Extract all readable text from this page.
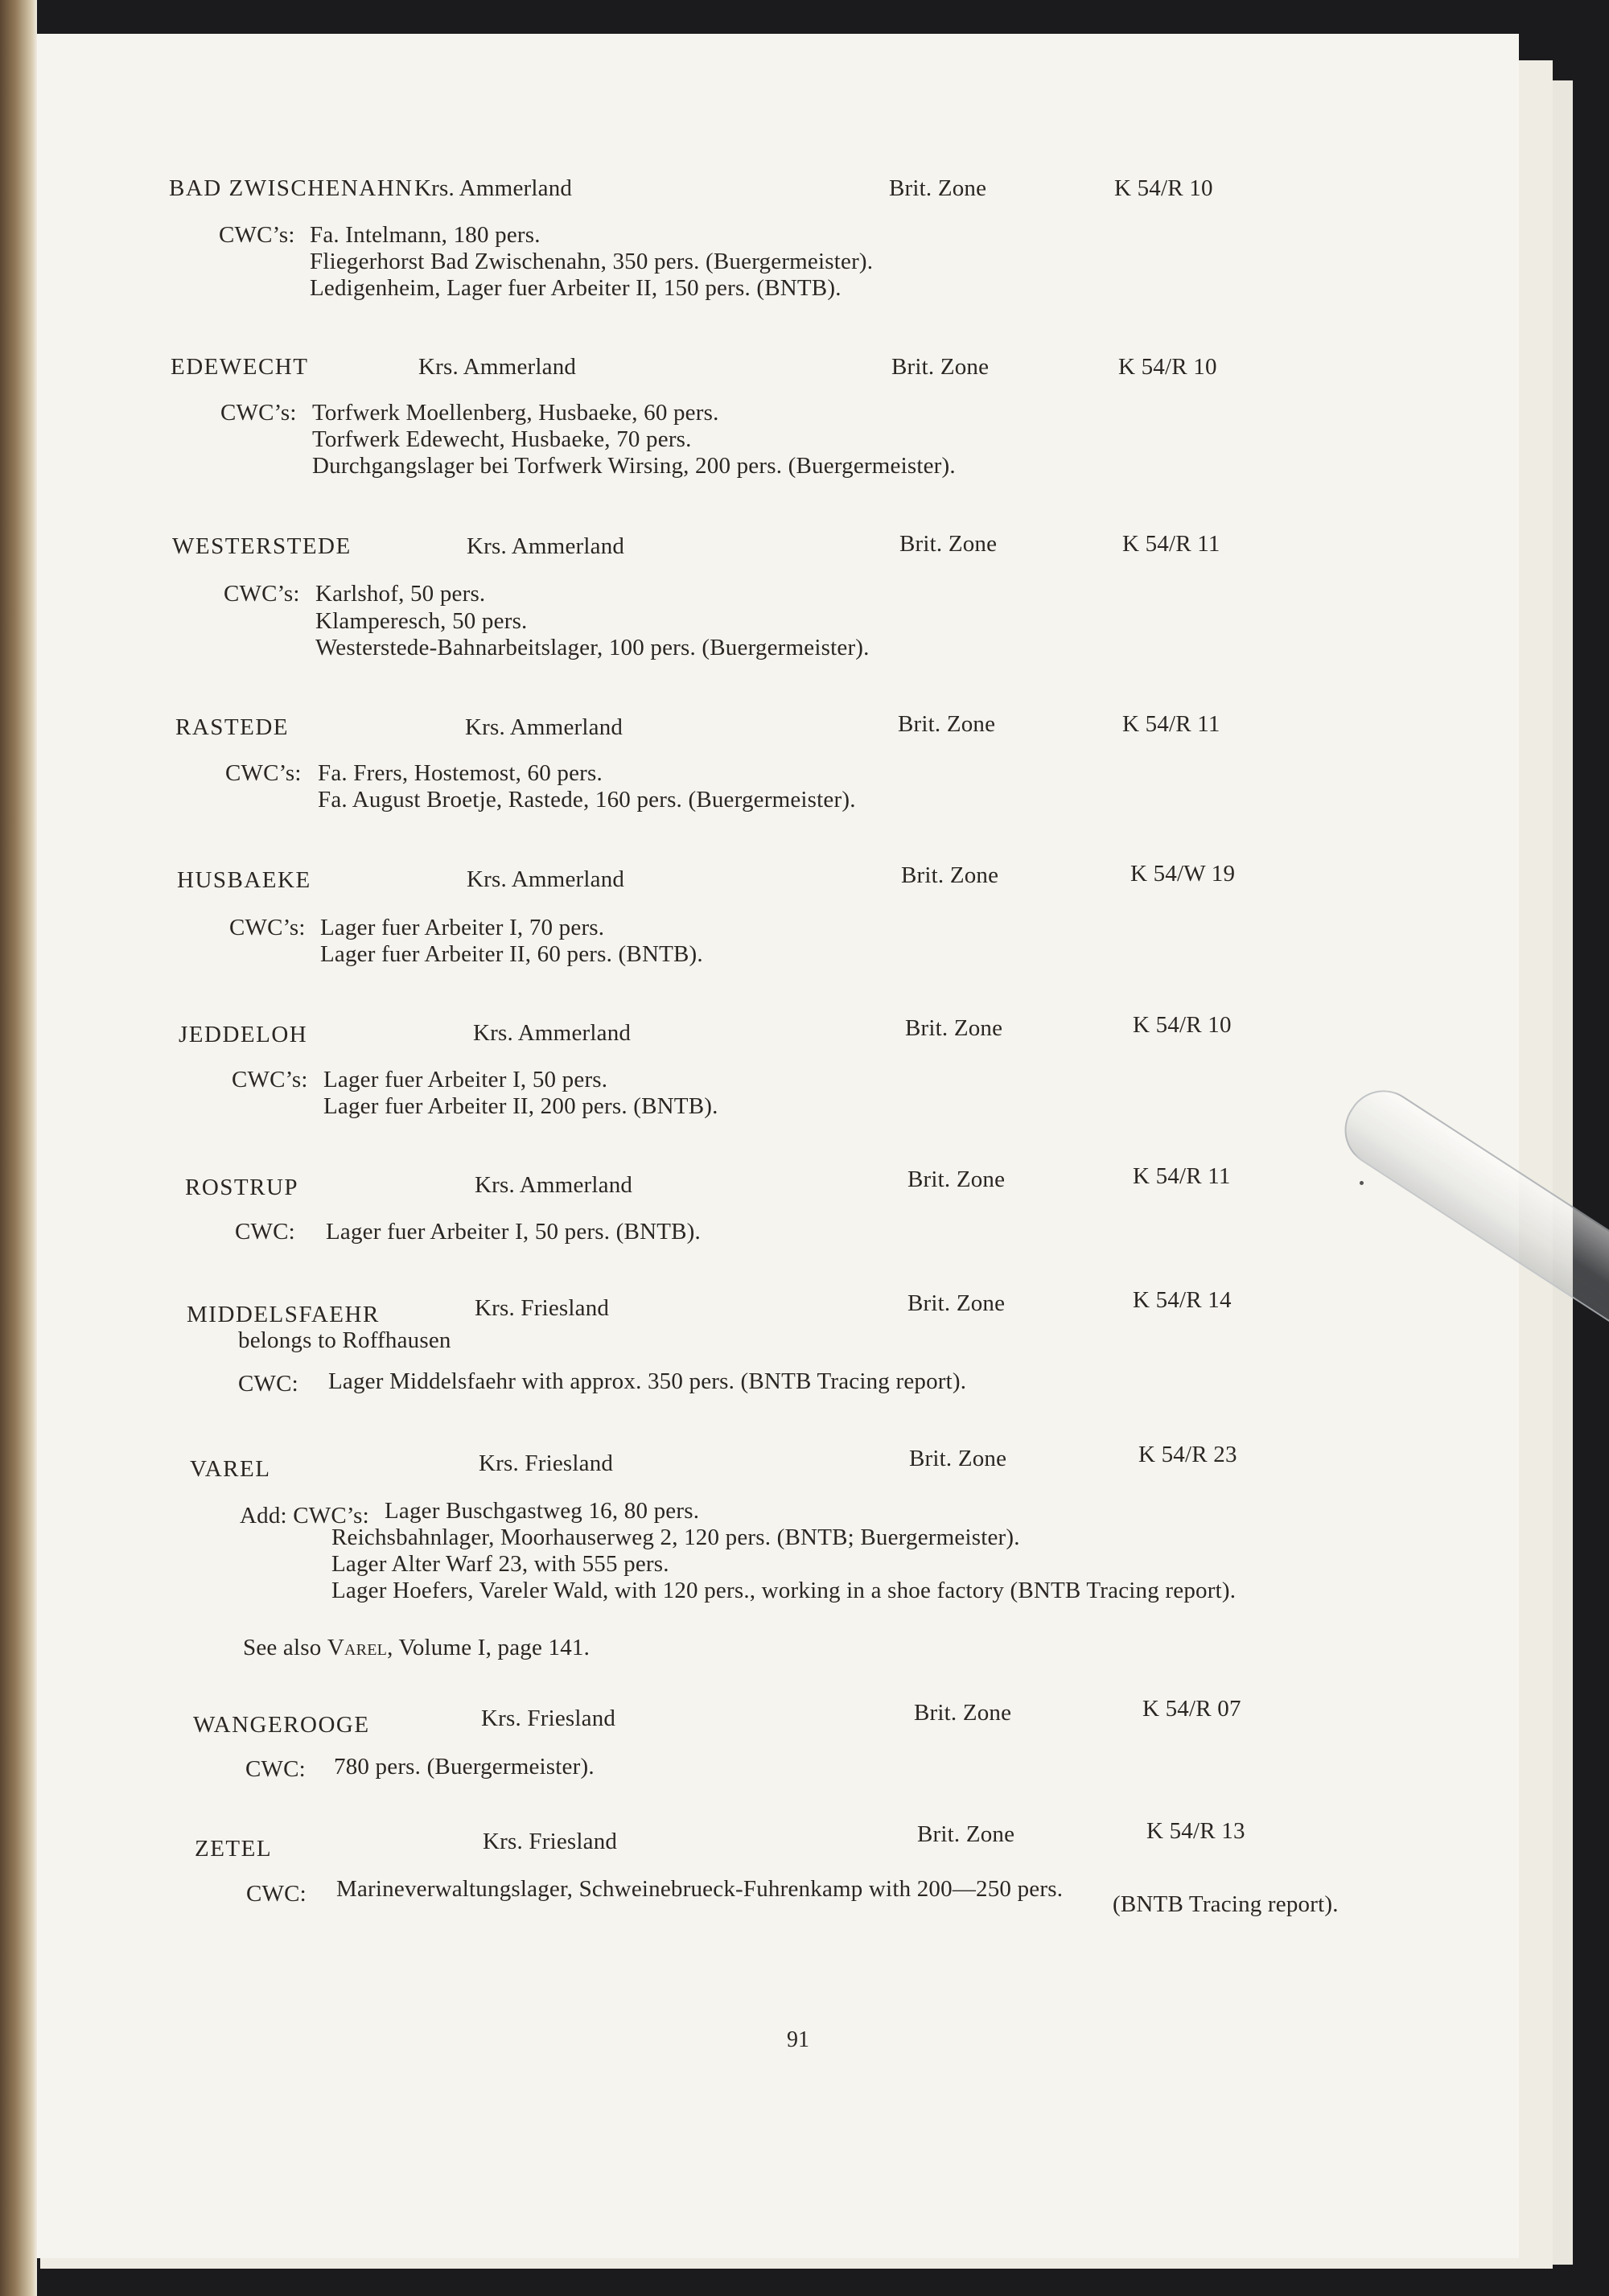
BAD ZWISCHENAHN Krs. Ammerland	Brit. Zone	K 54/R 10
CWC’s: Fa. Intelmann, 180 pers.
Fliegerhorst Bad Zwischenahn, 350 pers. (Buergermeister).
Ledigenheim, Lager fuer Arbeiter II, 150 pers. (BNTB).
EDEWECHT	Krs. Ammerland	Brit. Zone	K 54/R 10
CWC’s: Torfwerk Moellenberg, Husbaeke, 60 pers.
Torfwerk Edewecht, Husbaeke, 70 pers.
Durchgangslager bei Torfwerk Wirsing, 200 pers. (Buergermeister).
WESTERSTEDE	Krs. Ammerland	Brit. Zone	K 54/R 11
CWC’s: Karlshof, 50 pers.
Klamperesch, 50 pers.
Westerstede-Bahnarbeitslager, 100 pers. (Buergermeister).
RASTEDE	Krs. Ammerland	Brit. Zone	K 54/R 11
CWC’s: Fa. Frers, Hostemost, 60 pers.
Fa. August Broetje, Rastede, 160 pers. (Buergermeister).
HUSBAEKE	Krs. Ammerland	Brit. Zone	K 54/W 19
CWC’s: Lager fuer Arbeiter I, 70 pers.
Lager fuer Arbeiter II, 60 pers. (BNTB).
JEDDELOH	Krs. Ammerland	Brit. Zone	K 54/R 10
CWC’s: Lager fuer Arbeiter I, 50 pers.
Lager fuer Arbeiter II, 200 pers. (BNTB).
ROSTRUP	Krs. Ammerland	Brit. Zone	K 54/R 11
CWC: Lager fuer Arbeiter I, 50 pers. (BNTB).
MIDDELSFAEHR	Krs. Friesland	Brit. Zone	K 54/R 14
belongs to Roffhausen
CWC: Lager Middelsfaehr with approx. 350 pers. (BNTB Tracing report).
VAREL	Krs. Friesland	Brit. Zone	K 54/R 23
Add: CWC’s: Lager Buschgastweg 16, 80 pers.
Reichsbahnlager, Moorhauserweg 2, 120 pers. (BNTB; Buergermeister).
Lager Alter Warf 23, with 555 pers.
Lager Hoefers, Vareler Wald, with 120 pers., working in a shoe factory (BNTB Tracing report).
See also Varel, Volume I, page 141.
WANGEROOGE	Krs. Friesland	Brit. Zone	K 54/R 07
CWC: 780 pers. (Buergermeister).
ZETEL	Krs. Friesland	Brit. Zone	K 54/R 13
CWC: Marineverwaltungslager, Schweinebrueck-Fuhrenkamp with 200—250 pers.
(BNTB Tracing report).
91
